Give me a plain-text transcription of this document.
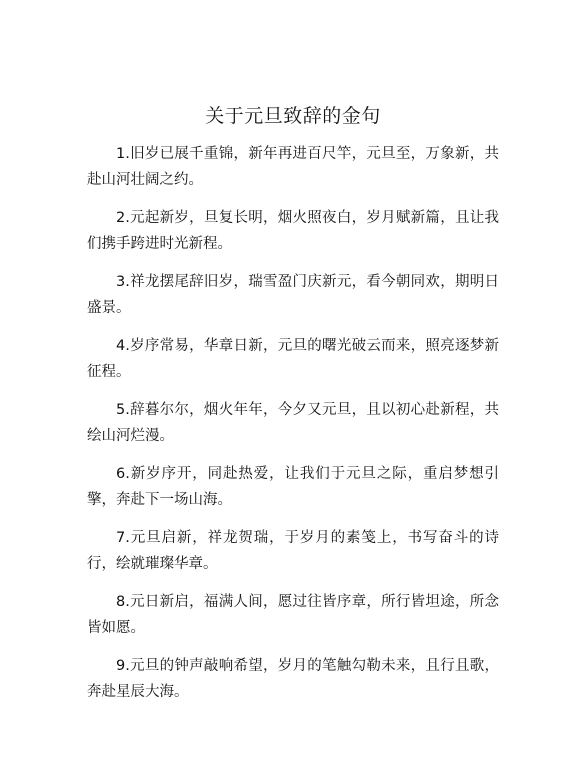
关于元旦致辞的金句

1.旧岁已展千重锦，新年再进百尺竿，元旦至，万象新，共赴山河壮阔之约。

2.元起新岁，旦复长明，烟火照夜白，岁月赋新篇，且让我们携手跨进时光新程。

3.祥龙摆尾辞旧岁，瑞雪盈门庆新元，看今朝同欢，期明日盛景。

4.岁序常易，华章日新，元旦的曙光破云而来，照亮逐梦新征程。

5.辞暮尔尔，烟火年年，今夕又元旦，且以初心赴新程，共绘山河烂漫。

6.新岁序开，同赴热爱，让我们于元旦之际，重启梦想引擎，奔赴下一场山海。

7.元旦启新，祥龙贺瑞，于岁月的素笺上，书写奋斗的诗行，绘就璀璨华章。

8.元日新启，福满人间，愿过往皆序章，所行皆坦途，所念皆如愿。

9.元旦的钟声敲响希望，岁月的笔触勾勒未来，且行且歌，奔赴星辰大海。
